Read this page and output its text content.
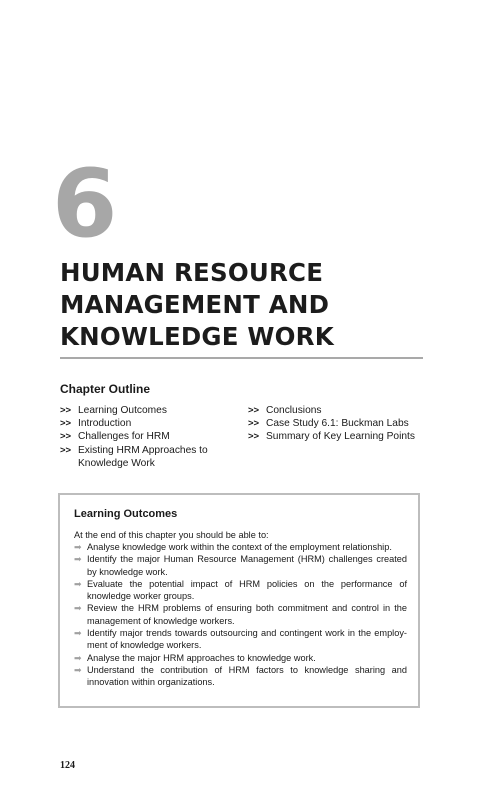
6
HUMAN RESOURCE
MANAGEMENT AND
KNOWLEDGE WORK
Chapter Outline
>> Learning Outcomes
>> Introduction
>> Challenges for HRM
>> Existing HRM Approaches to Knowledge Work
>> Conclusions
>> Case Study 6.1: Buckman Labs
>> Summary of Key Learning Points
Learning Outcomes
At the end of this chapter you should be able to:
➡ Analyse knowledge work within the context of the employment relationship.
➡ Identify the major Human Resource Management (HRM) challenges created by knowledge work.
➡ Evaluate the potential impact of HRM policies on the performance of knowledge worker groups.
➡ Review the HRM problems of ensuring both commitment and control in the management of knowledge workers.
➡ Identify major trends towards outsourcing and contingent work in the employ-ment of knowledge workers.
➡ Analyse the major HRM approaches to knowledge work.
➡ Understand the contribution of HRM factors to knowledge sharing and innovation within organizations.
124
